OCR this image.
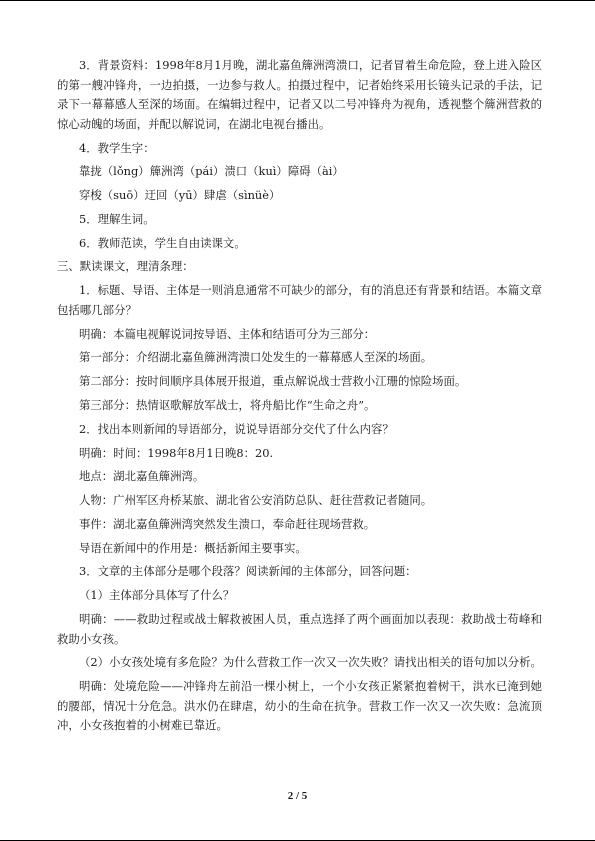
3．背景资料：1998年8月1月晚，湖北嘉鱼簰洲湾溃口，记者冒着生命危险，登上进入险区的第一艘冲锋舟，一边拍摄，一边参与救人。拍摄过程中，记者始终采用长镜头记录的手法，记录下一幕幕感人至深的场面。在编辑过程中，记者又以二号冲锋舟为视角，透视整个簰洲营救的惊心动魄的场面，并配以解说词，在湖北电视台播出。

4．教学生字：

靠拢（lǒng）簰洲湾（pái）溃口（kuì）障碍（ài）

穿梭（suō）迂回（yū）肆虐（sìnüè）

5．理解生词。

6．教师范读，学生自由读课文。

三、默读课文，理清条理：

1．标题、导语、主体是一则消息通常不可缺少的部分，有的消息还有背景和结语。本篇文章包括哪几部分？

明确：本篇电视解说词按导语、主体和结语可分为三部分：

第一部分：介绍湖北嘉鱼簰洲湾溃口处发生的一幕幕感人至深的场面。

第二部分：按时间顺序具体展开报道，重点解说战士营救小江珊的惊险场面。

第三部分：热情讴歌解放军战士，将舟船比作“生命之舟”。

2．找出本则新闻的导语部分，说说导语部分交代了什么内容？

明确：时间：1998年8月1日晚8：20.

地点：湖北嘉鱼簰洲湾。

人物：广州军区舟桥某旅、湖北省公安消防总队、赶往营救记者随同。

事件：湖北嘉鱼簰洲湾突然发生溃口，奉命赶往现场营救。

导语在新闻中的作用是：概括新闻主要事实。

3．文章的主体部分是哪个段落？阅读新闻的主体部分，回答问题：

（1）主体部分具体写了什么？

明确：——救助过程或战士解救被困人员，重点选择了两个画面加以表现：救助战士苟峰和救助小女孩。

（2）小女孩处境有多危险？为什么营救工作一次又一次失败？请找出相关的语句加以分析。

明确：处境危险——冲锋舟左前沿一棵小树上，一个小女孩正紧紧抱着树干，洪水已淹到她的腰部，情况十分危急。洪水仍在肆虐，幼小的生命在抗争。营救工作一次又一次失败：急流顶冲，小女孩抱着的小树难已靠近。

2 / 5
